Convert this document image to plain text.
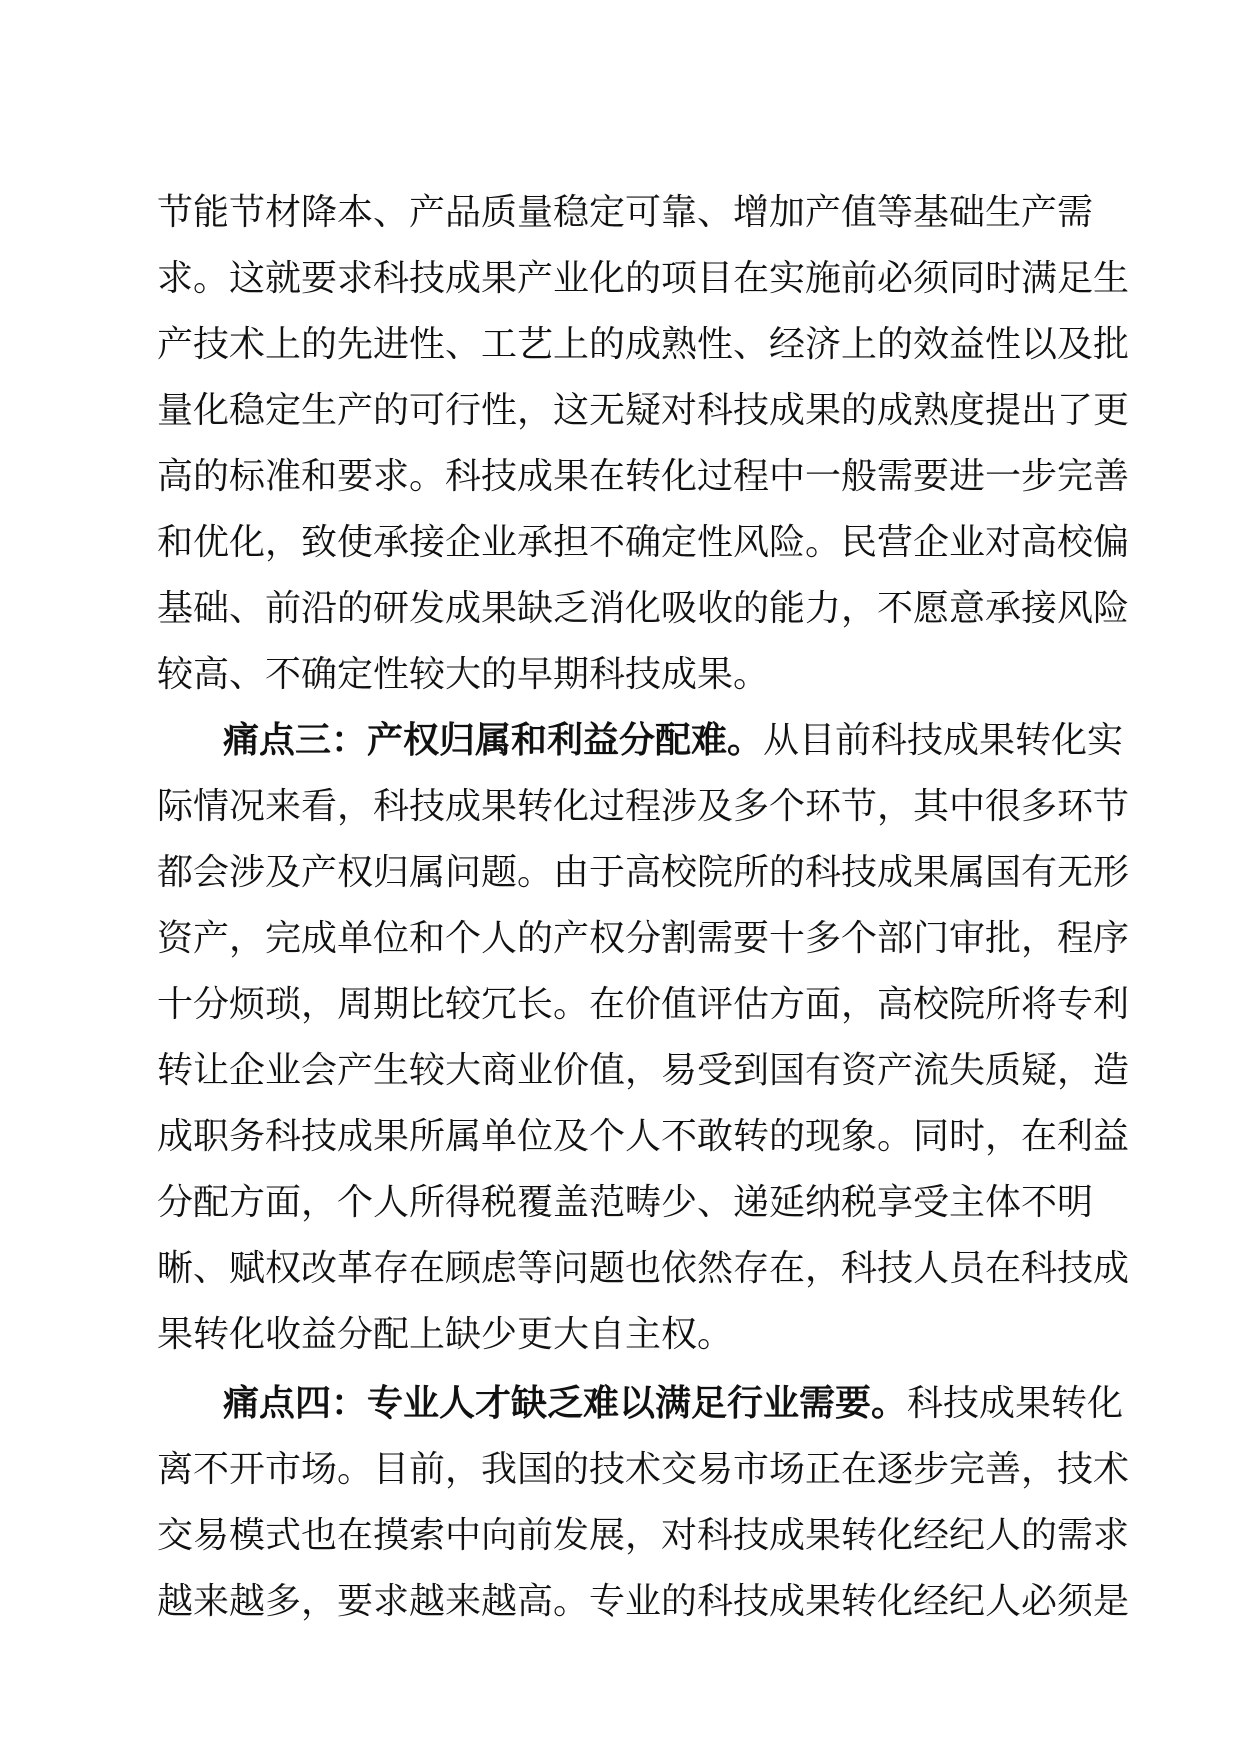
节能节材降本、产品质量稳定可靠、增加产值等基础生产需
求。这就要求科技成果产业化的项目在实施前必须同时满足生
产技术上的先进性、工艺上的成熟性、经济上的效益性以及批
量化稳定生产的可行性，这无疑对科技成果的成熟度提出了更
高的标准和要求。科技成果在转化过程中一般需要进一步完善
和优化，致使承接企业承担不确定性风险。民营企业对高校偏
基础、前沿的研发成果缺乏消化吸收的能力，不愿意承接风险
较高、不确定性较大的早期科技成果。
痛点三：产权归属和利益分配难。从目前科技成果转化实
际情况来看，科技成果转化过程涉及多个环节，其中很多环节
都会涉及产权归属问题。由于高校院所的科技成果属国有无形
资产，完成单位和个人的产权分割需要十多个部门审批，程序
十分烦琐，周期比较冗长。在价值评估方面，高校院所将专利
转让企业会产生较大商业价值，易受到国有资产流失质疑，造
成职务科技成果所属单位及个人不敢转的现象。同时，在利益
分配方面，个人所得税覆盖范畴少、递延纳税享受主体不明
晰、赋权改革存在顾虑等问题也依然存在，科技人员在科技成
果转化收益分配上缺少更大自主权。
痛点四：专业人才缺乏难以满足行业需要。科技成果转化
离不开市场。目前，我国的技术交易市场正在逐步完善，技术
交易模式也在摸索中向前发展，对科技成果转化经纪人的需求
越来越多，要求越来越高。专业的科技成果转化经纪人必须是
